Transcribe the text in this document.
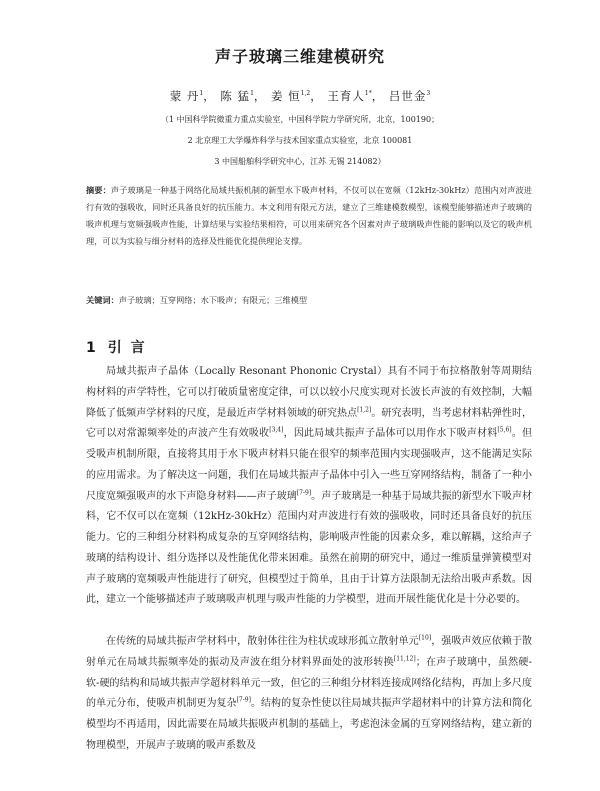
声子玻璃三维建模研究
蒙 丹$^1$， 陈 猛$^1$， 姜 恒$^{1,2}$， 王育人$^{1*}$， 吕世金$^3$
（1 中国科学院微重力重点实验室，中国科学院力学研究所，北京，100190；
2 北京理工大学爆炸科学与技术国家重点实验室，北京 100081
3 中国船舶科学研究中心，江苏 无锡 214082）
摘要：声子玻璃是一种基于网络化局域共振机制的新型水下吸声材料，不仅可以在宽频（12kHz-30kHz）范围内对声波进行有效的强吸收，同时还具备良好的抗压能力。本文利用有限元方法，建立了三维建模数模型，该模型能够描述声子玻璃的吸声机理与宽频强吸声性能，计算结果与实验结果相符，可以用来研究各个因素对声子玻璃吸声性能的影响以及它的吸声机理，可以为实验与细分材料的选择及性能优化提供理论支撑。
关键词：声子玻璃；互穿网络；水下吸声；有限元；三维模型
1 引 言

局域共振声子晶体（Locally Resonant Phononic Crystal）具有不同于布拉格散射等周期结构材料的声学特性，它可以打破质量密度定律，可以以较小尺度实现对长波长声波的有效控制，大幅降低了低频声学材料的尺度，是最近声学材料领域的研究热点[1,2]。研究表明，当考虑材料粘弹性时，它可以对常源频率处的声波产生有效吸收[3,4]，因此局域共振声子晶体可以用作水下吸声材料[5,6]。但受吸声机制所限，直接将其用于水下吸声材料只能在很窄的频率范围内实现强吸声，这不能满足实际的应用需求。为了解决这一问题，我们在局域共振声子晶体中引入一些互穿网络结构，制备了一种小尺度宽频强吸声的水下声隐身材料——声子玻璃[7-9]。声子玻璃是一种基于局域共振的新型水下吸声材料，它不仅可以在宽频（12kHz-30kHz）范围内对声波进行有效的强吸收，同时还具备良好的抗压能力。它的三种组分材料构成复杂的互穿网络结构，影响吸声性能的因素众多，难以解耦，这给声子玻璃的结构设计、组分选择以及性能优化带来困难。虽然在前期的研究中，通过一维质量弹簧模型对声子玻璃的宽频吸声性能进行了研究，但模型过于简单，且由于计算方法限制无法给出吸声系数。因此，建立一个能够描述声子玻璃吸声机理与吸声性能的力学模型，进而开展性能优化是十分必要的。

在传统的局域共振声学材料中，散射体往往为柱状或球形孤立散射单元[10]，强吸声效应依赖于散射单元在局域共振频率处的振动及声波在组分材料界面处的波形转换[11,12]；在声子玻璃中，虽然硬-软-硬的结构和局域共振声学超材料单元一致，但它的三种组分材料连接成网络化结构，再加上多尺度的单元分布，使吸声机制更为复杂[7-9]。结构的复杂性使以往局域共振声学超材料中的计算方法和简化模型均不再适用，因此需要在局域共振吸声机制的基础上，考虑泡沫金属的互穿网络结构，建立新的物理模型，开展声子玻璃的吸声系数及
